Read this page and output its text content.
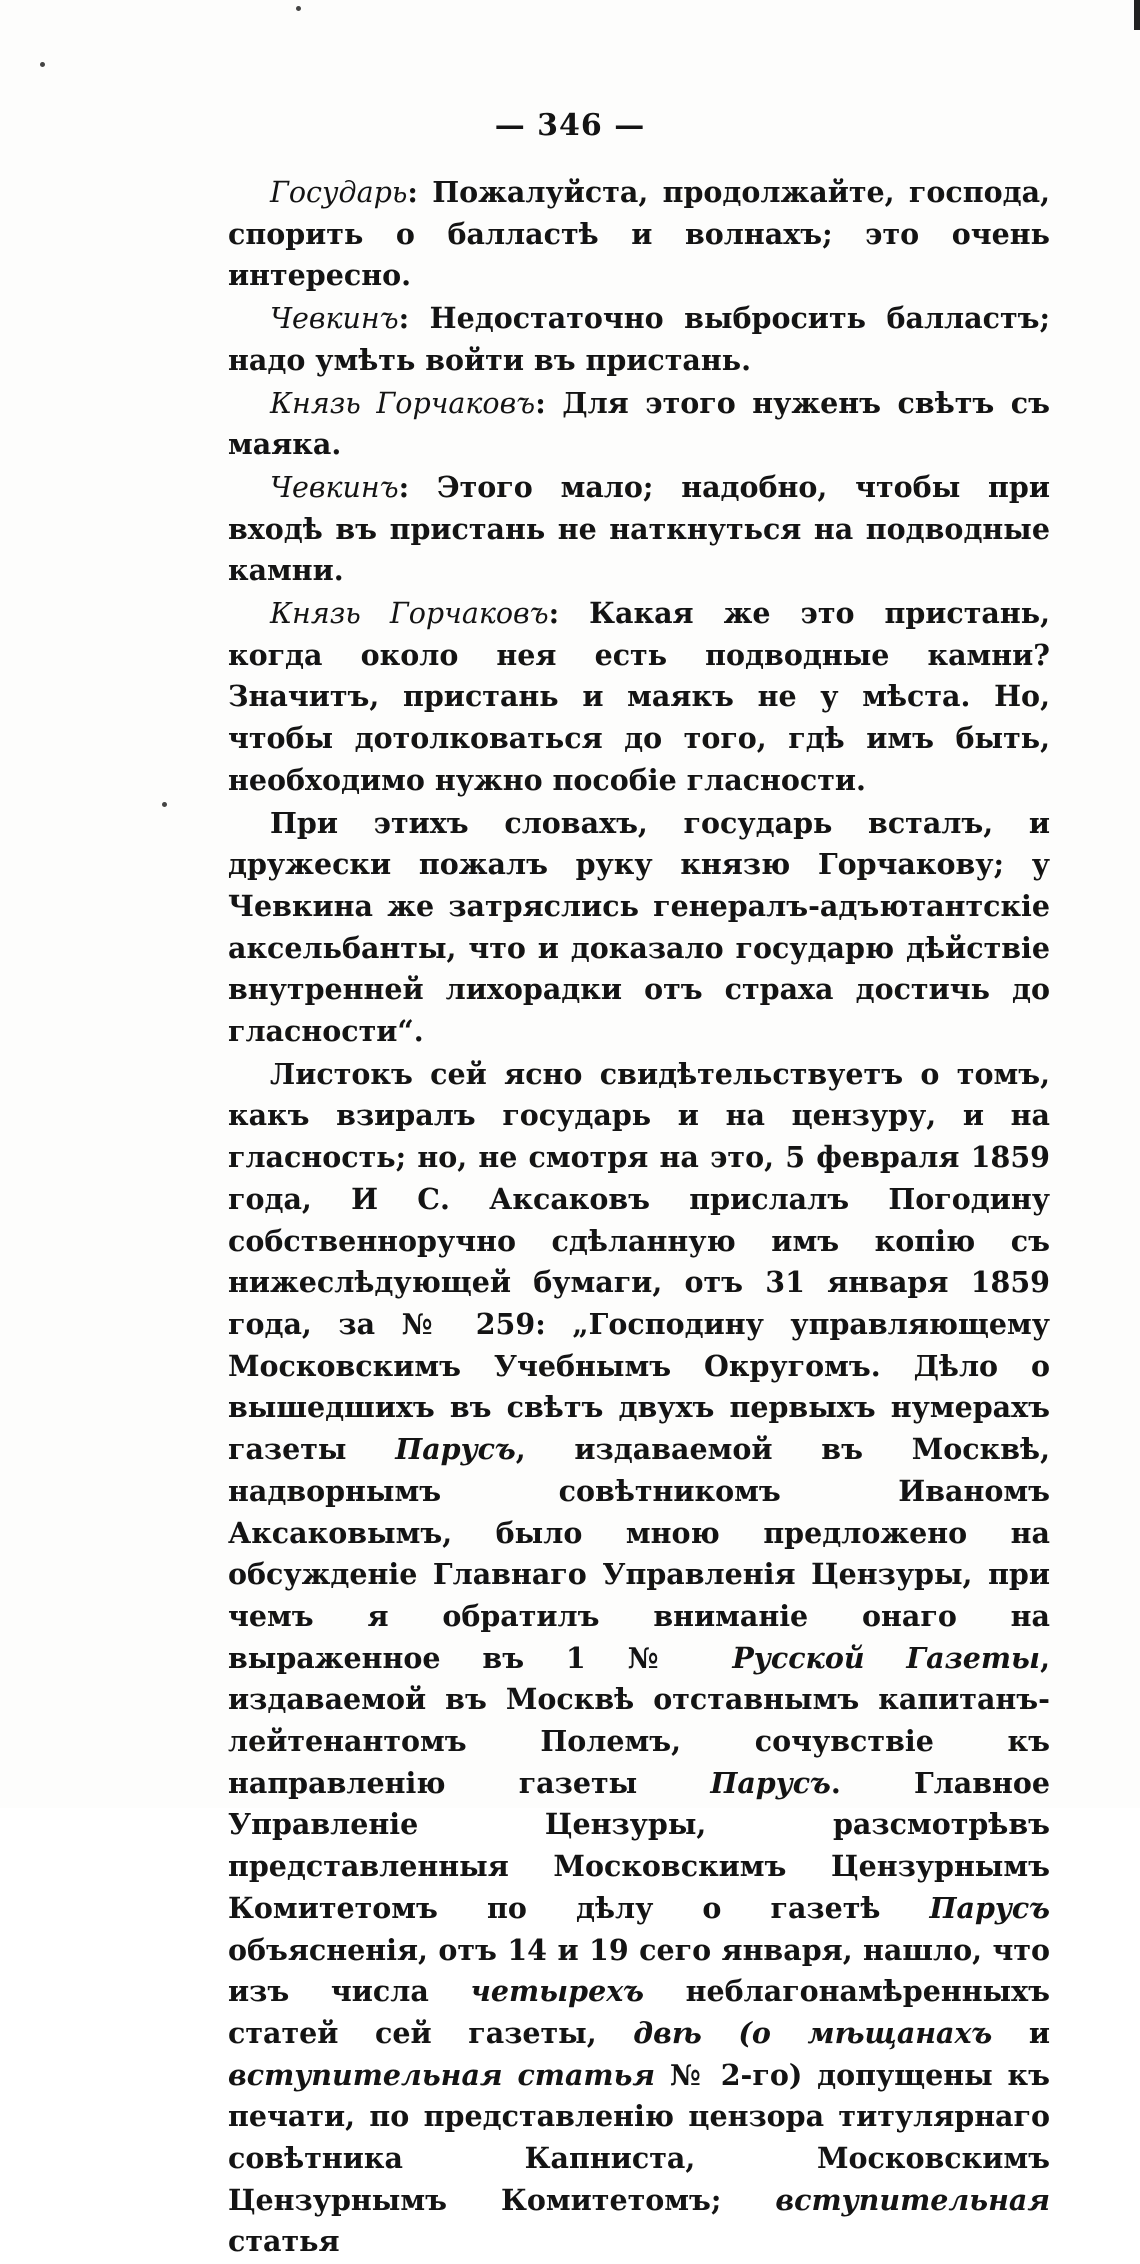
— 346 —

Государь: Пожалуйста, продолжайте, господа, спорить о балластѣ и волнахъ; это очень интересно.

Чевкинъ: Недостаточно выбросить балластъ; надо умѣть войти въ пристань.

Князь Горчаковъ: Для этого нуженъ свѣтъ съ маяка.

Чевкинъ: Этого мало; надобно, чтобы при входѣ въ пристань не наткнуться на подводные камни.

Князь Горчаковъ: Какая же это пристань, когда около нея есть подводные камни? Значитъ, пристань и маякъ не у мѣста. Но, чтобы дотолковаться до того, гдѣ имъ быть, необходимо нужно пособіе гласности.

При этихъ словахъ, государь всталъ, и дружески пожалъ руку князю Горчакову; у Чевкина же затряслись генералъ-адъютантскіе аксельбанты, что и доказало государю дѣйствіе внутренней лихорадки отъ страха достичь до гласности“.

Листокъ сей ясно свидѣтельствуетъ о томъ, какъ взиралъ государь и на цензуру, и на гласность; но, не смотря на это, 5 февраля 1859 года, И С. Аксаковъ прислалъ Погодину собственноручно сдѣланную имъ копію съ нижеслѣдующей бумаги, отъ 31 января 1859 года, за № 259: „Господину управляющему Московскимъ Учебнымъ Округомъ. Дѣло о вышедшихъ въ свѣтъ двухъ первыхъ нумерахъ газеты Парусъ, издаваемой въ Москвѣ, надворнымъ совѣтникомъ Иваномъ Аксаковымъ, было мною предложено на обсужденіе Главнаго Управленія Цензуры, при чемъ я обратилъ вниманіе онаго на выраженное въ 1 № Русской Газеты, издаваемой въ Москвѣ отставнымъ капитанъ-лейтенантомъ Полемъ, сочувствіе къ направленію газеты Парусъ. Главное Управленіе Цензуры, разсмотрѣвъ представленныя Московскимъ Цензурнымъ Комитетомъ по дѣлу о газетѣ Парусъ объясненія, отъ 14 и 19 сего января, нашло, что изъ числа четырехъ неблагонамѣренныхъ статей сей газеты, двѣ (о мѣщанахъ и вступительная статья № 2-го) допущены къ печати, по представленію цензора титулярнаго совѣтника Капниста, Московскимъ Цензурнымъ Комитетомъ; вступительная статья
